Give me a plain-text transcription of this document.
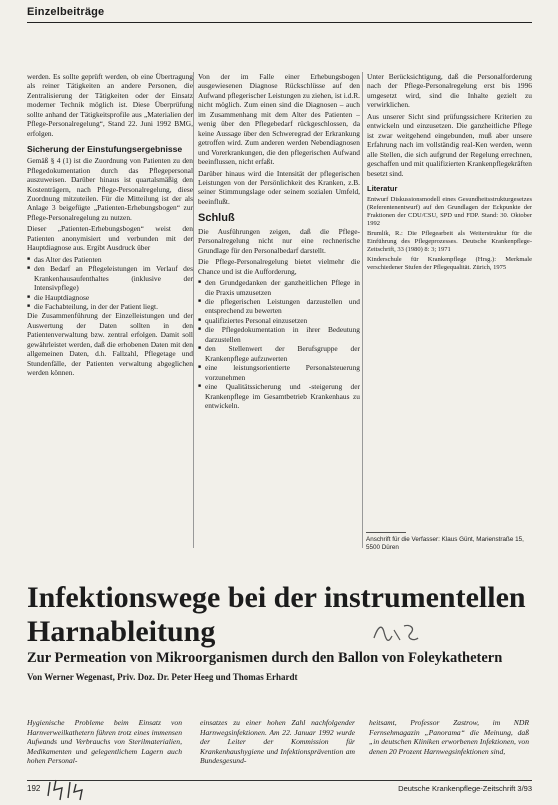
Einzelbeiträge

werden. Es sollte geprüft werden, ob eine Übertragung als reiner Tätigkeiten an andere Personen, die Zentralisierung der Tätigkeiten oder der Einsatz moderner Technik möglich ist. Diese Überprüfung sollte anhand der Tätigkeitsprofile aus „Materialien der Pflege-Personalregelung“, Stand 22. Juni 1992 BMG, erfolgen.

Sicherung der Einstufungsergebnisse

Gemäß § 4 (1) ist die Zuordnung von Patienten zu den Pflegedokumentation durch das Pflegepersonal auszuweisen. Darüber hinaus ist quartalsmäßig den Kostenträgern, nach Pflege-Personalregelung, diese Zuordnung mitzuteilen. Für die Mitteilung ist der als Anlage 3 beigefügte „Patienten-Erhebungsbogen“ zur Pflege-Personalregelung zu nutzen.

Dieser „Patienten-Erhebungsbogen“ weist den Patienten anonymisiert und verbunden mit der Hauptdiagnose aus. Ergibt Ausdruck über

■ das Alter des Patienten
■ den Bedarf an Pflegeleistungen im Verlauf des Krankenhausaufenthaltes (inklusive der Intensivpflege)
■ die Hauptdiagnose
■ die Fachabteilung, in der der Patient liegt.

Die Zusammenführung der Einzelleistungen und der Auswertung der Daten sollten in den Patientenverwaltung bzw. zentral erfolgen. Damit soll gewährleistet werden, daß die erhobenen Daten mit den allgemeinen Daten, d.h. Fallzahl, Pflegetage und Stundenfälle, der Patienten verwaltung abgeglichen werden können.

Von der im Falle einer Erhebungsbogen ausgewiesenen Diagnose Rückschlüsse auf den Aufwand pflegerischer Leistungen zu ziehen, ist i.d.R. nicht möglich. Zum einen sind die Diagnosen – auch im Zusammenhang mit dem Alter des Patienten – wenig über den Pflegebedarf rückgeschlossen, da keine Aussage über den Schweregrad der Erkrankung getroffen wird. Zum anderen werden Nebendiagnosen und Vorerkrankungen, die den pflegerischen Aufwand beeinflussen, nicht erfaßt.

Darüber hinaus wird die Intensität der pflegerischen Leistungen von der Persönlichkeit des Kranken, z.B. seiner Stimmungslage oder seinem sozialen Umfeld, beeinflußt.

Schluß

Die Ausführungen zeigen, daß die Pflege-Personalregelung nicht nur eine rechnerische Grundlage für den Personalbedarf darstellt.

Die Pflege-Personalregelung bietet vielmehr die Chance und ist die Aufforderung,

■ den Grundgedanken der ganzheitlichen Pflege in die Praxis umzusetzen
■ die pflegerischen Leistungen darzustellen und entsprechend zu bewerten
■ qualifiziertes Personal einzusetzen
■ die Pflegedokumentation in ihrer Bedeutung darzustellen
■ den Stellenwert der Berufsgruppe der Krankenpflege aufzuwerten
■ eine leistungsorientierte Personalsteuerung vorzunehmen
■ eine Qualitätssicherung und -steigerung der Krankenpflege im Gesamtbetrieb Krankenhaus zu entwickeln.

Unter Berücksichtigung, daß die Personalforderung nach der Pflege-Personalregelung erst bis 1996 umgesetzt wird, sind die Inhalte gezielt zu verwirklichen.

Aus unserer Sicht sind prüfungssichere Kriterien zu entwickeln und einzusetzen. Die ganzheitliche Pflege ist zwar weitgehend eingebunden, muß aber unsere Erfahrung nach im vollständig real-Ken werden, wenn alle Stellen, die sich aufgrund der Regelung errechnen, geschaffen und mit qualifizierten Krankenpflegekräften besetzt sind.

Literatur

Entwurf Diskussionsmodell eines Gesundheitsstrukturgesetzes (Referentenentwurf) auf den Grundlagen der Eckpunkte der Fraktionen der CDU/CSU, SPD und FDP. Stand: 30. Oktober 1992

Brumlik, R.: Die Pflegearbeit als Weiterstruktur für die Einführung des Pflegeprozesses. Deutsche Krankenpflege-Zeitschrift, 33 (1980) 8: 3; 1971

Kinderschule für Krankenpflege (Hrsg.): Merkmale verschiedener Stufen der Pflegequalität. Zürich, 1975

Anschrift für die Verfasser: Klaus Günt, Marienstraße 15, 5500 Düren
Infektionswege bei der instrumentellen Harnableitung
Zur Permeation von Mikroorganismen durch den Ballon von Foleykathetern
Von Werner Wegenast, Priv. Doz. Dr. Peter Heeg und Thomas Erhardt
Hygienische Probleme beim Einsatz von Harnverweilkathetern führen trotz eines immensen Aufwands und Verbrauchs von Sterilmaterialien, Medikamenten und gelegentlichem Lagern auch hohen Personal-
einsatzes zu einer hohen Zahl nachfolgender Harnwegsinfektionen. Am 22. Januar 1992 wurde der Leiter der Kommission für Krankenhaushygiene und Infektionsprävention am Bundesgesund-
heitsamt, Professor Zastrow, im NDR Fernsehmagazin „Panorama“ die Meinung, daß „in deutschen Kliniken erworbenen Infektionen, von denen 20 Prozent Harnwegsinfektionen sind,
192	Deutsche Krankenpflege-Zeitschrift 3/93
